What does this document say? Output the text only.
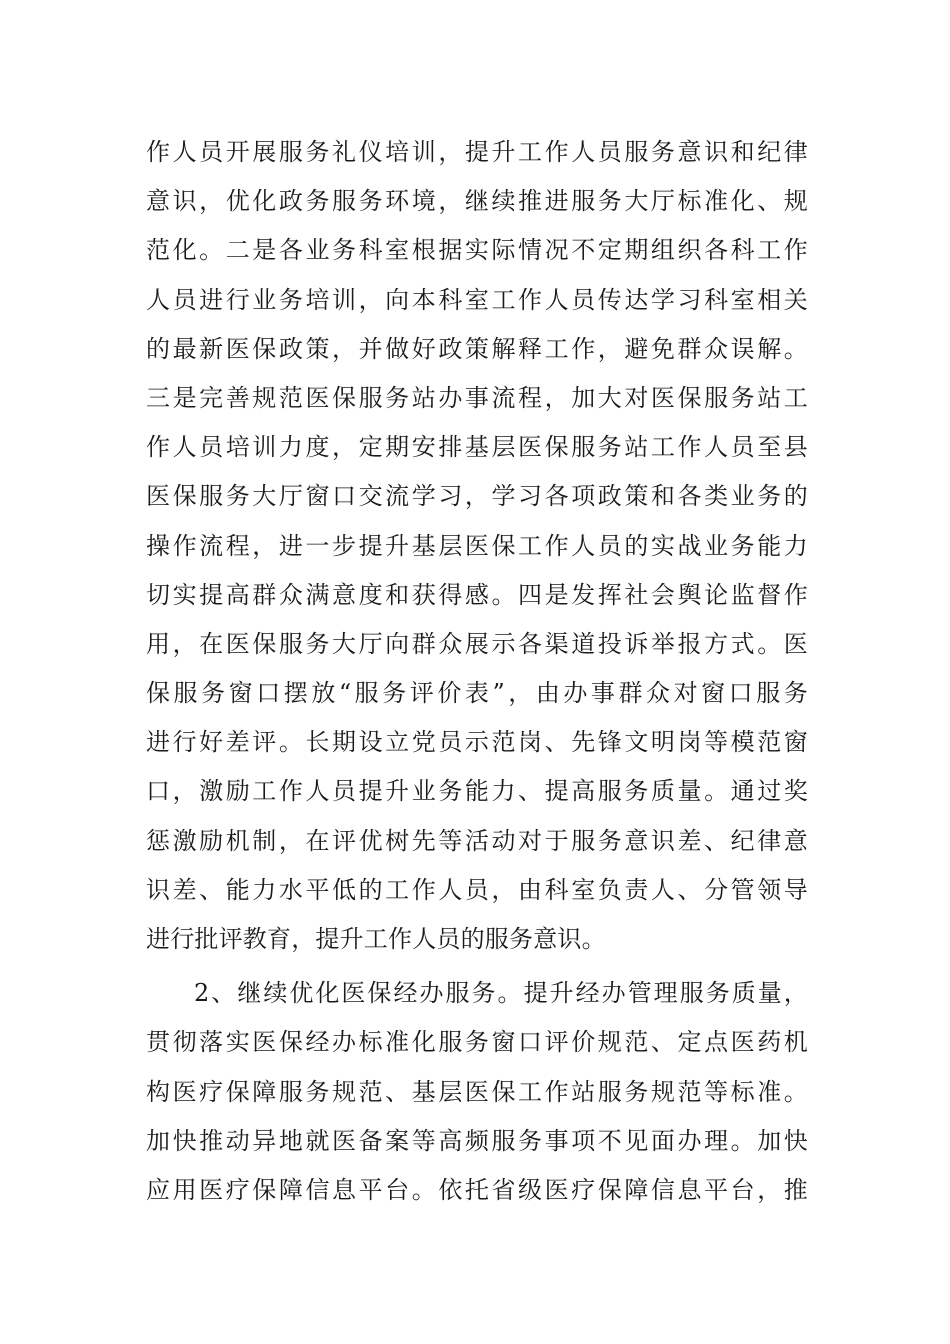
作人员开展服务礼仪培训，提升工作人员服务意识和纪律
意识，优化政务服务环境，继续推进服务大厅标准化、规
范化。二是各业务科室根据实际情况不定期组织各科工作
人员进行业务培训，向本科室工作人员传达学习科室相关
的最新医保政策，并做好政策解释工作，避免群众误解。
三是完善规范医保服务站办事流程，加大对医保服务站工
作人员培训力度，定期安排基层医保服务站工作人员至县
医保服务大厅窗口交流学习，学习各项政策和各类业务的
操作流程，进一步提升基层医保工作人员的实战业务能力
切实提高群众满意度和获得感。四是发挥社会舆论监督作
用，在医保服务大厅向群众展示各渠道投诉举报方式。医
保服务窗口摆放“服务评价表”，由办事群众对窗口服务
进行好差评。长期设立党员示范岗、先锋文明岗等模范窗
口，激励工作人员提升业务能力、提高服务质量。通过奖
惩激励机制，在评优树先等活动对于服务意识差、纪律意
识差、能力水平低的工作人员，由科室负责人、分管领导
进行批评教育，提升工作人员的服务意识。
2、继续优化医保经办服务。提升经办管理服务质量，
贯彻落实医保经办标准化服务窗口评价规范、定点医药机
构医疗保障服务规范、基层医保工作站服务规范等标准。
加快推动异地就医备案等高频服务事项不见面办理。加快
应用医疗保障信息平台。依托省级医疗保障信息平台，推
